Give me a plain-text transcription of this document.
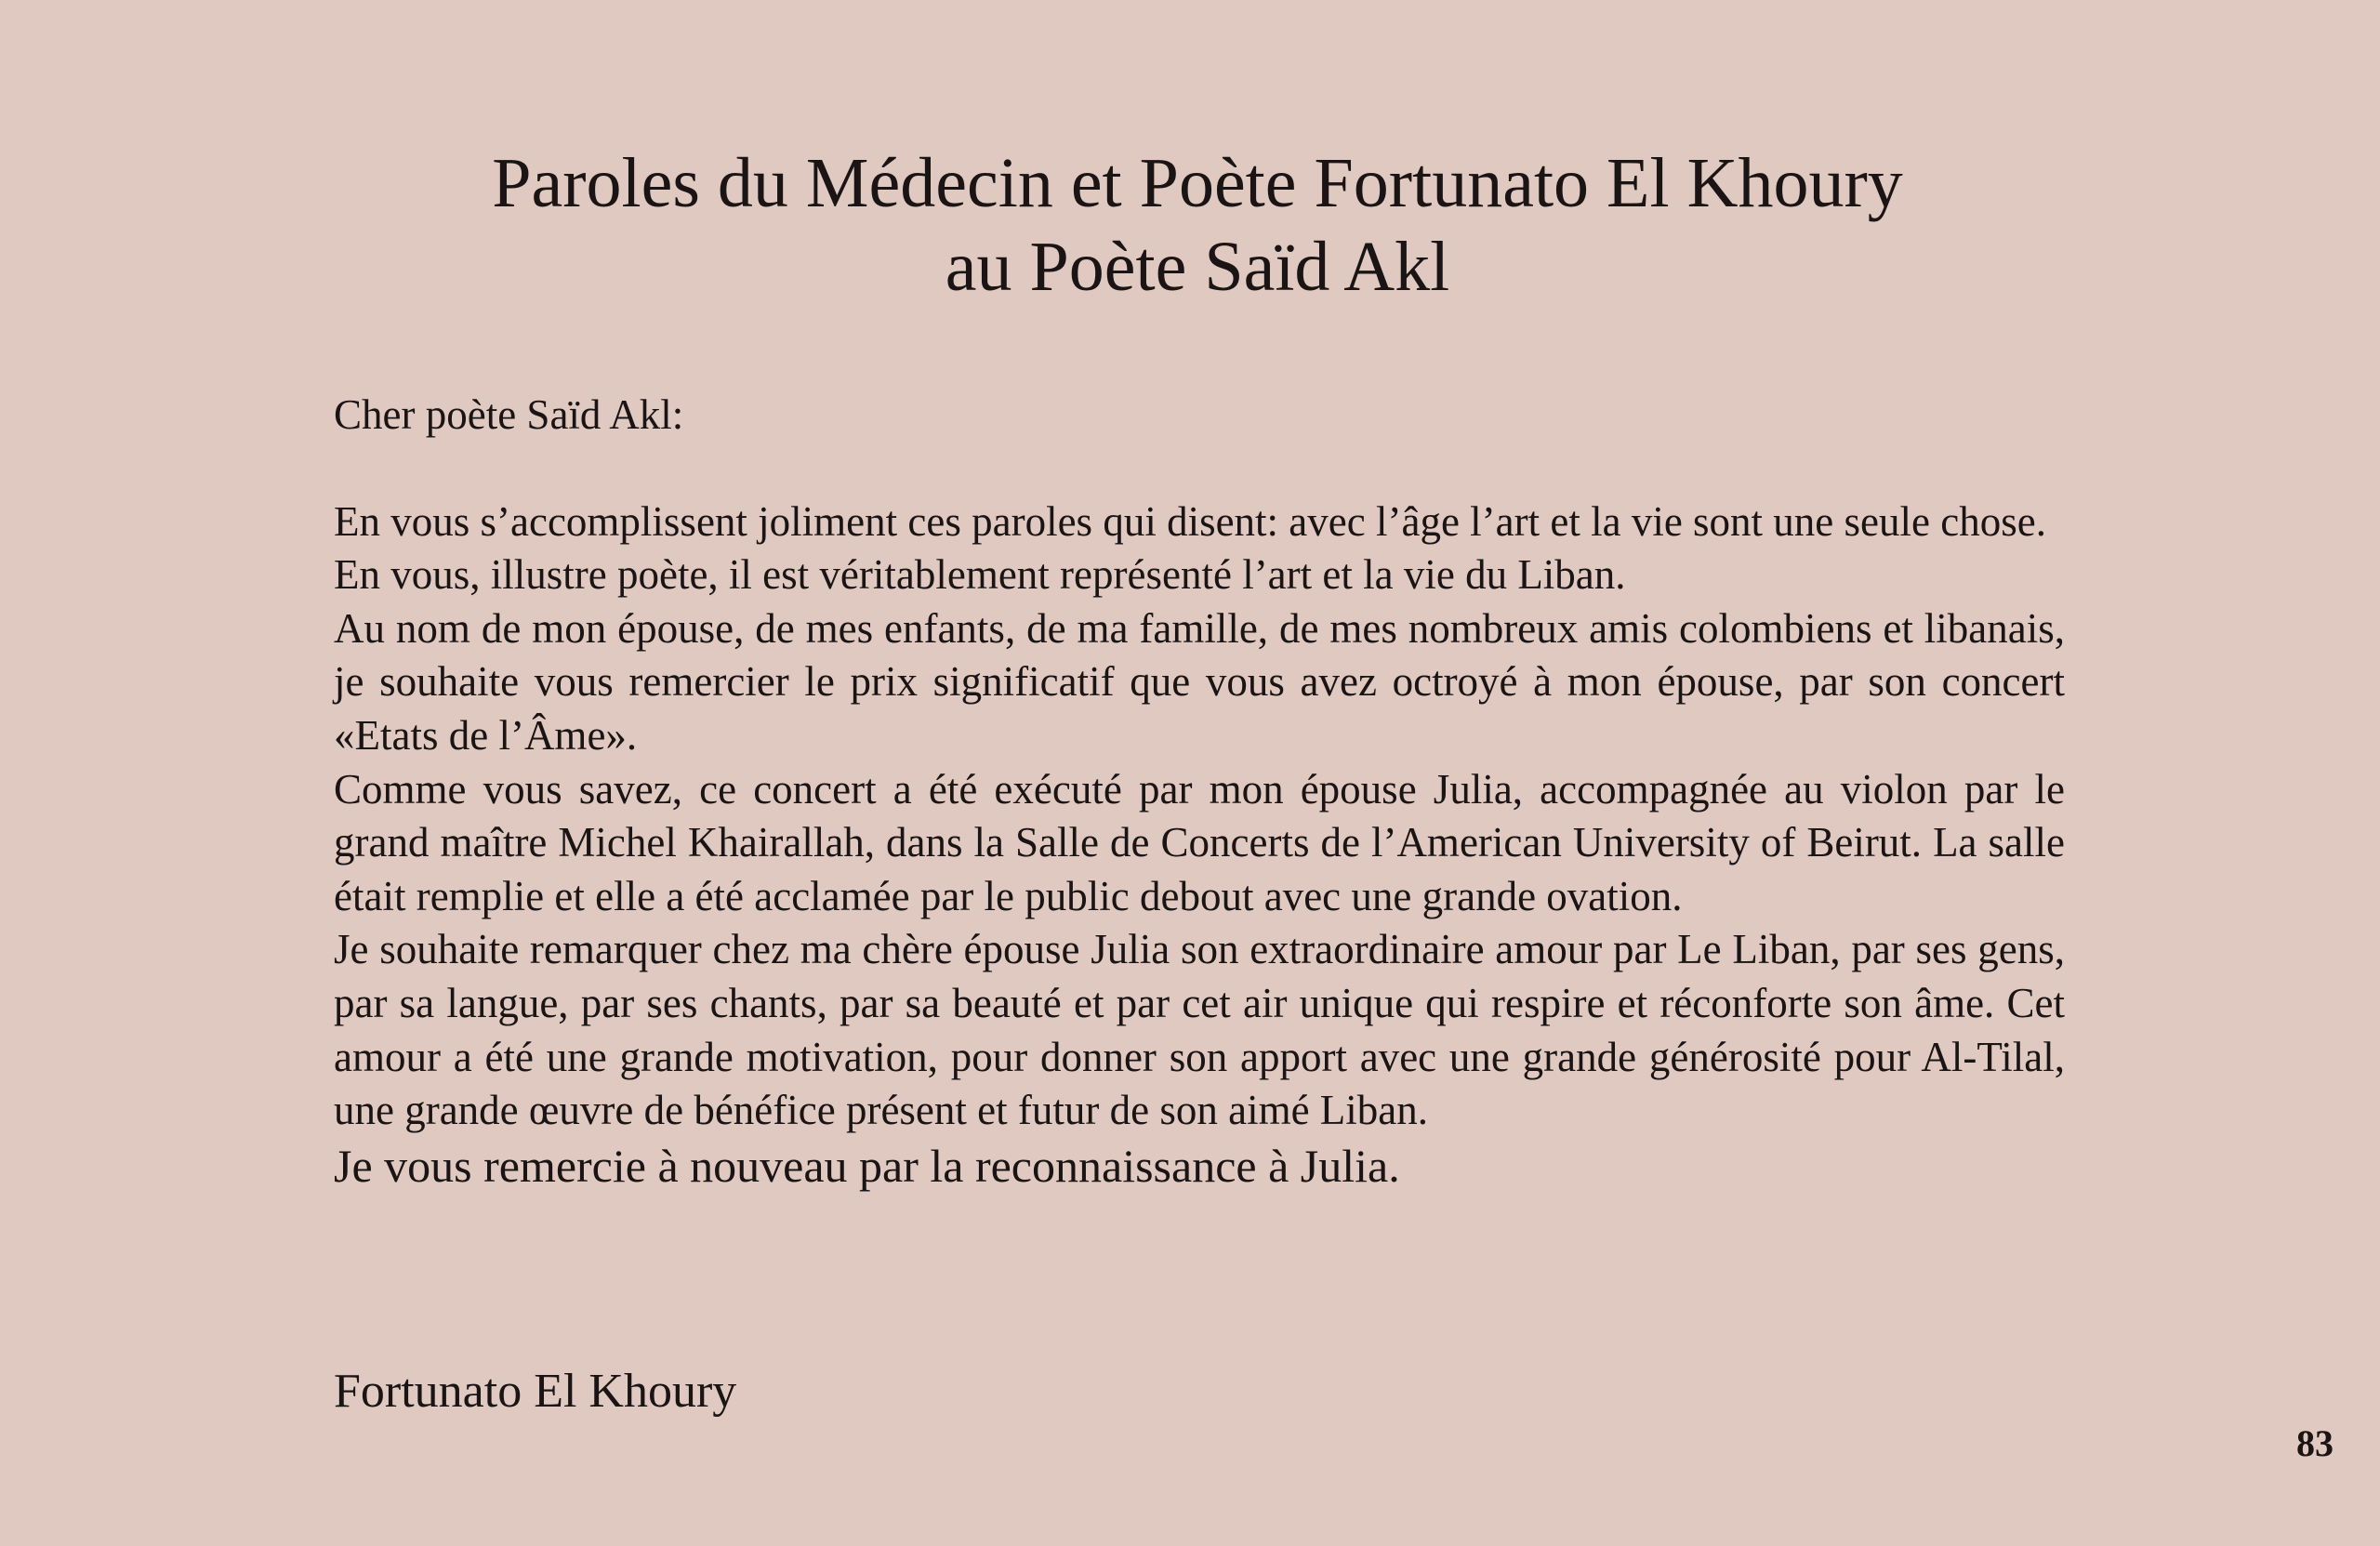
Paroles du Médecin et Poète Fortunato El Khoury
au Poète Saïd Akl

Cher poète Saïd Akl:

En vous s’accomplissent joliment ces paroles qui disent: avec l’âge l’art et la vie sont une seule chose.

En vous, illustre poète, il est véritablement représenté l’art et la vie du Liban.

Au nom de mon épouse, de mes enfants, de ma famille, de mes nombreux amis colombiens et libanais, je souhaite vous remercier le prix significatif que vous avez octroyé à mon épouse, par son concert «Etats de l’Âme».

Comme vous savez, ce concert a été exécuté par mon épouse Julia, accompagnée au violon par le grand maître Michel Khairallah, dans la Salle de Concerts de l’American University of Beirut. La salle était remplie et elle a été acclamée par le public debout avec une grande ovation.

Je souhaite remarquer chez ma chère épouse Julia son extraordinaire amour par Le Liban, par ses gens, par sa langue, par ses chants, par sa beauté et par cet air unique qui respire et réconforte son âme. Cet amour a été une grande motivation, pour donner son apport avec une grande générosité pour Al-Tilal, une grande œuvre de bénéfice présent et futur de son aimé Liban.

Je vous remercie à nouveau par la reconnaissance à Julia.

Fortunato El Khoury

83
